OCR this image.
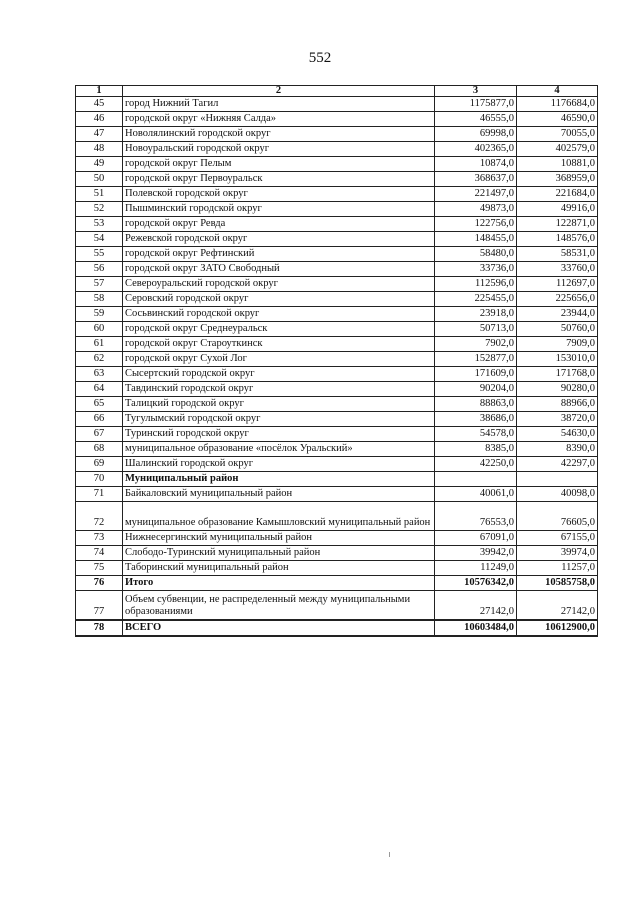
552
1	2	3	4
45	город Нижний Тагил	1175877,0	1176684,0
46	городской округ «Нижняя Салда»	46555,0	46590,0
47	Новолялинский городской округ	69998,0	70055,0
48	Новоуральский городской округ	402365,0	402579,0
49	городской округ Пелым	10874,0	10881,0
50	городской округ Первоуральск	368637,0	368959,0
51	Полевской городской округ	221497,0	221684,0
52	Пышминский городской округ	49873,0	49916,0
53	городской округ Ревда	122756,0	122871,0
54	Режевской городской округ	148455,0	148576,0
55	городской округ Рефтинский	58480,0	58531,0
56	городской округ ЗАТО Свободный	33736,0	33760,0
57	Североуральский городской округ	112596,0	112697,0
58	Серовский городской округ	225455,0	225656,0
59	Сосьвинский городской округ	23918,0	23944,0
60	городской округ Среднеуральск	50713,0	50760,0
61	городской округ Староуткинск	7902,0	7909,0
62	городской округ Сухой Лог	152877,0	153010,0
63	Сысертский городской округ	171609,0	171768,0
64	Тавдинский городской округ	90204,0	90280,0
65	Талицкий городской округ	88863,0	88966,0
66	Тугулымский городской округ	38686,0	38720,0
67	Туринский городской округ	54578,0	54630,0
68	муниципальное образование «посёлок Уральский»	8385,0	8390,0
69	Шалинский городской округ	42250,0	42297,0
70	Муниципальный район		
71	Байкаловский муниципальный район	40061,0	40098,0
72	муниципальное образование Камышловский муниципальный район	76553,0	76605,0
73	Нижнесергинский муниципальный район	67091,0	67155,0
74	Слободо-Туринский муниципальный район	39942,0	39974,0
75	Таборинский муниципальный район	11249,0	11257,0
76	Итого	10576342,0	10585758,0
77	Объем субвенции, не распределенный между муниципальными образованиями	27142,0	27142,0
78	ВСЕГО	10603484,0	10612900,0
